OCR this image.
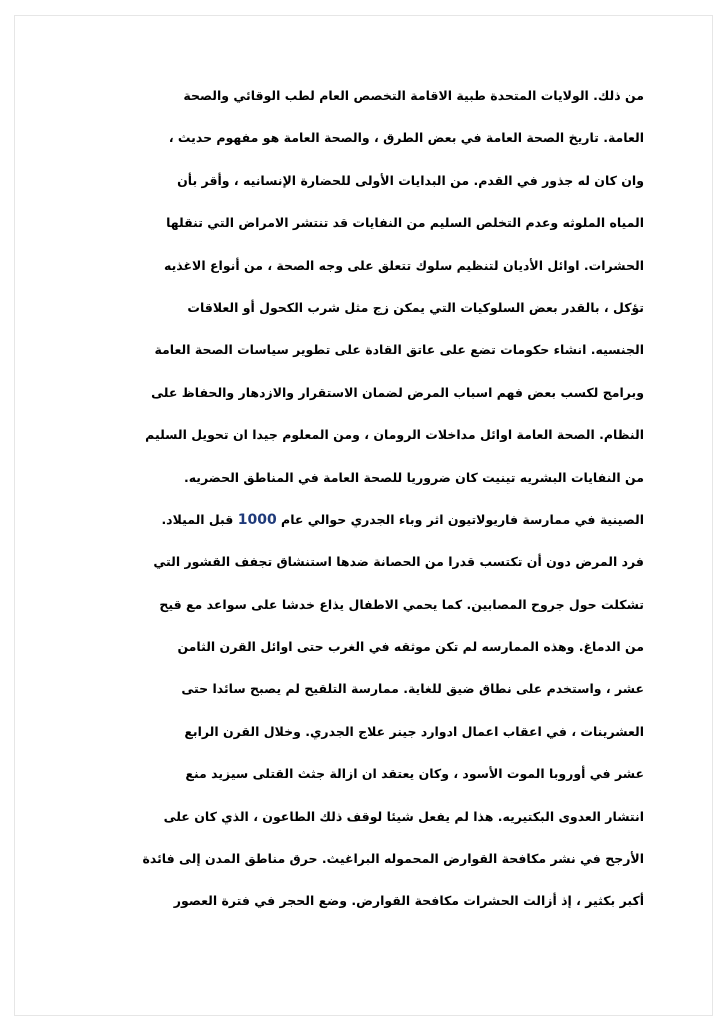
من ذلك. الولايات المتحدة طبية الاقامة التخصص العام لطب الوقائي والصحة
العامة. تاريخ الصحة العامة في بعض الطرق ، والصحة العامة هو مفهوم حديث ،
وان كان له جذور في القدم. من البدايات الأولى للحضارة الإنسانيه ، وأقر بأن
المياه الملوثه وعدم التخلص السليم من النفايات قد تنتشر الامراض التي تنقلها
الحشرات. اوائل الأديان لتنظيم سلوك تتعلق على وجه الصحة ، من أنواع الاغذيه
تؤكل ، بالقدر بعض السلوكيات التي يمكن زج مثل شرب الكحول أو العلاقات
الجنسيه. انشاء حكومات تضع على عاتق القادة على تطوير سياسات الصحة العامة
وبرامج لكسب بعض فهم اسباب المرض لضمان الاستقرار والازدهار والحفاظ على
النظام. الصحة العامة اوائل مداخلات الرومان ، ومن المعلوم جيدا ان تحويل السليم
من النفايات البشريه تينيت كان ضروريا للصحة العامة في المناطق الحضريه.
الصينية في ممارسة فاريولاتيون اثر وباء الجدري حوالي عام 1000 قبل الميلاد.
فرد المرض دون أن تكتسب قدرا من الحصانة ضدها استنشاق تجفف القشور التي
تشكلت حول جروح المصابين. كما يحمي الاطفال يذاع خدشا على سواعد مع قيح
من الدماغ. وهذه الممارسه لم تكن موثقه في الغرب حتى اوائل القرن الثامن
عشر ، واستخدم على نطاق ضيق للغاية. ممارسة التلقيح لم يصبح سائدا حتى
العشرينات ، في اعقاب اعمال ادوارد جينر علاج الجدري. وخلال القرن الرابع
عشر في أوروبا الموت الأسود ، وكان يعتقد ان ازالة جثث القتلى سيزيد منع
انتشار العدوى البكتيريه. هذا لم يفعل شيئا لوقف ذلك الطاعون ، الذي كان على
الأرجح في نشر مكافحة القوارض المحموله البراغيث. حرق مناطق المدن إلى فائدة
أكبر بكثير ، إذ أزالت الحشرات مكافحة القوارض. وضع الحجر في فترة العصور
